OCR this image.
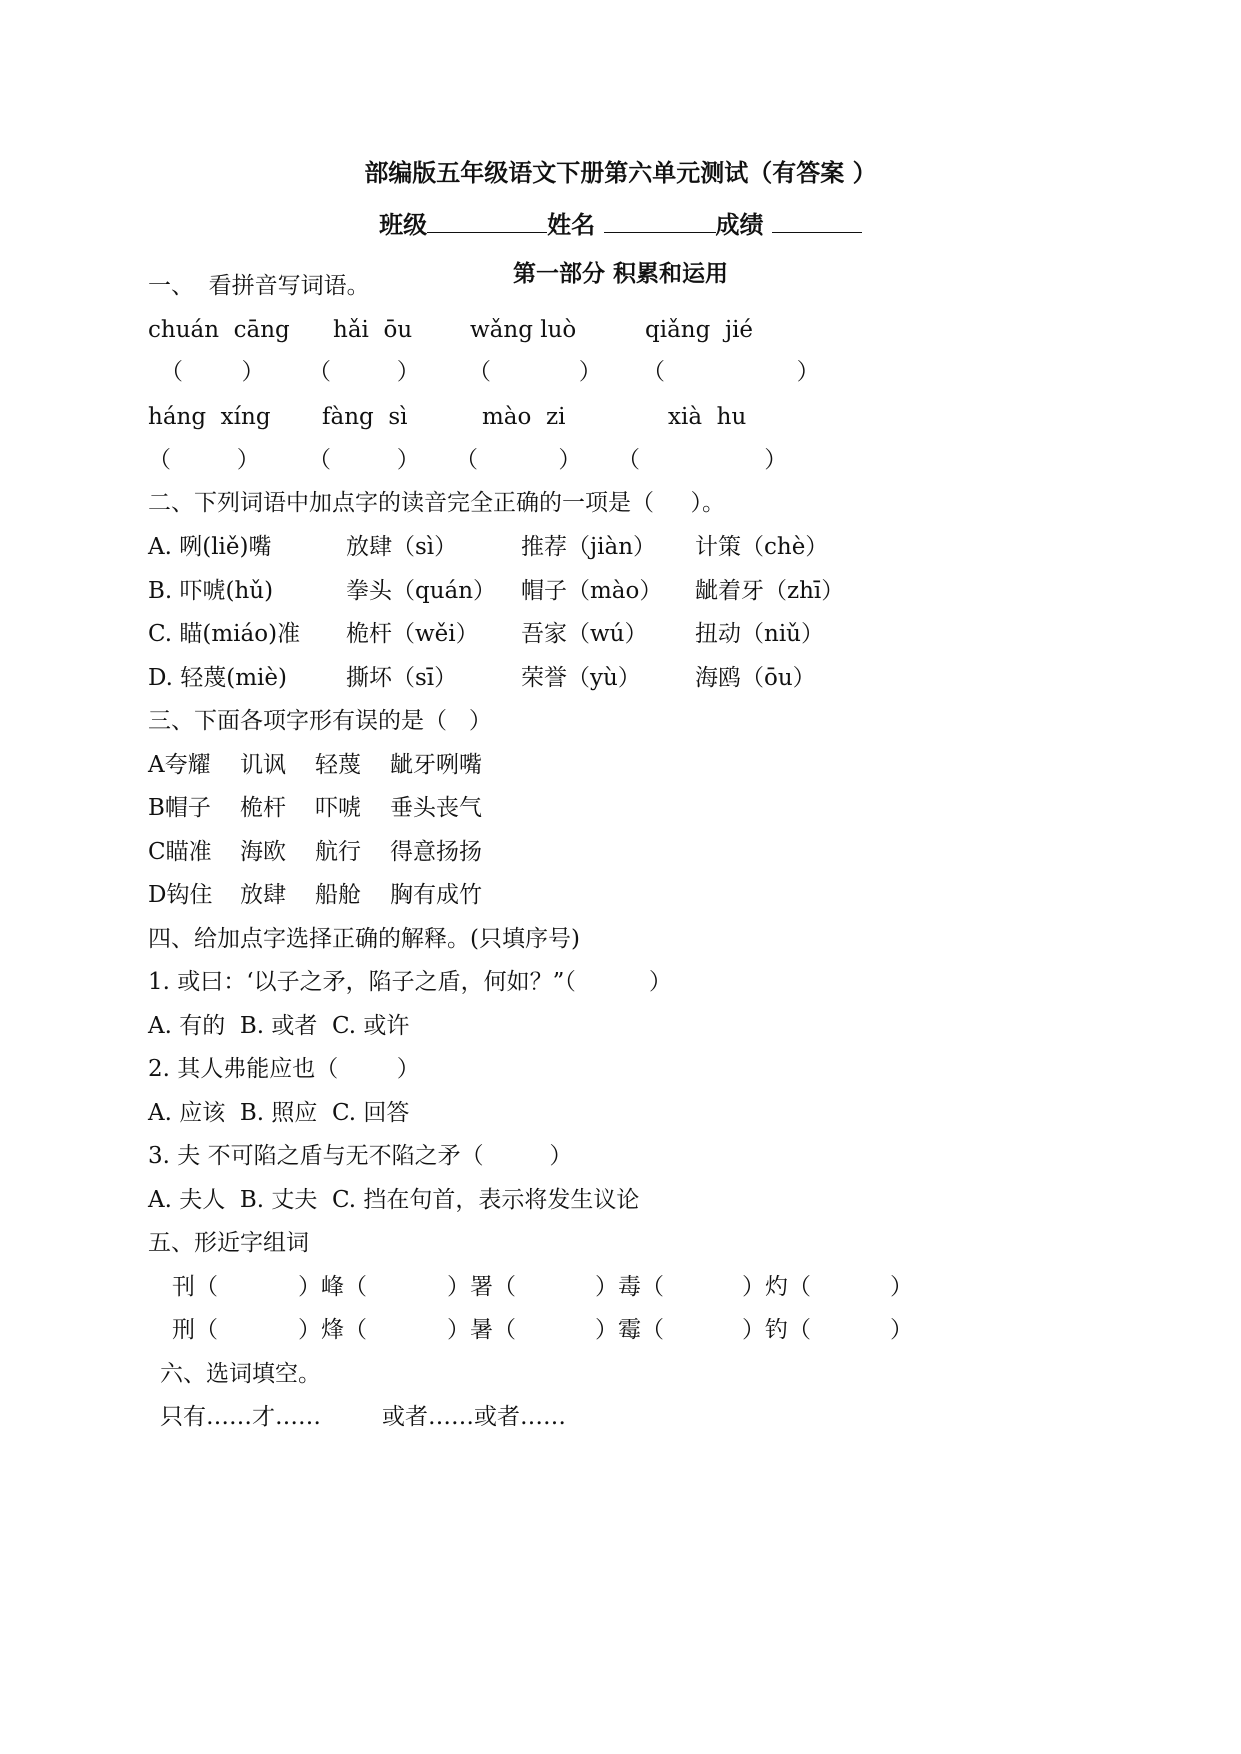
部编版五年级语文下册第六单元测试（有答案 ）
班级	姓名	成绩
第一部分 积累和运用
一、  看拼音写词语。
chuán  cāng hǎi  ōu	wǎng luò	qiǎng  jié
（        ） （         ） （            ） （                  ）
háng  xíng fàng  sì	mào  zi	xià  hu
（         ） （         ） （           ） （                 ）
二、下列词语中加点字的读音完全正确的一项是（     ）。
A. 咧(liě)嘴	放肆（sì）	推荐（jiàn） 计策（chè）
B. 吓唬(hǔ)	拳头（quán） 帽子（mào） 龇着牙（zhī）
C. 瞄(miáo)准 桅杆（wěi） 吾家（wú） 扭动（niǔ）
D. 轻蔑(miè)	撕坏（sī）	荣誉（yù） 海鸥（ōu）
三、下面各项字形有误的是（   ）
A夸耀 讥讽 轻蔑 龇牙咧嘴
B帽子 桅杆 吓唬 垂头丧气
C瞄准 海欧 航行 得意扬扬
D钩住 放肆 船舱 胸有成竹
四、给加点字选择正确的解释。(只填序号)
1. 或曰：‘以子之矛，陷子之盾，何如？”（          ）
A. 有的  B. 或者  C. 或许
2. 其人弗能应也（        ）
A. 应该  B. 照应  C. 回答
3. 夫 不可陷之盾与无不陷之矛（         ）
A. 夫人  B. 丈夫  C. 挡在句首，表示将发生议论
五、形近字组词
刊（	）峰（	）署（	）毒（	）灼（	）
刑（	）烽（	）暑（	）霉（	）钓（	）
六、选词填空。
只有……才……	或者……或者……
